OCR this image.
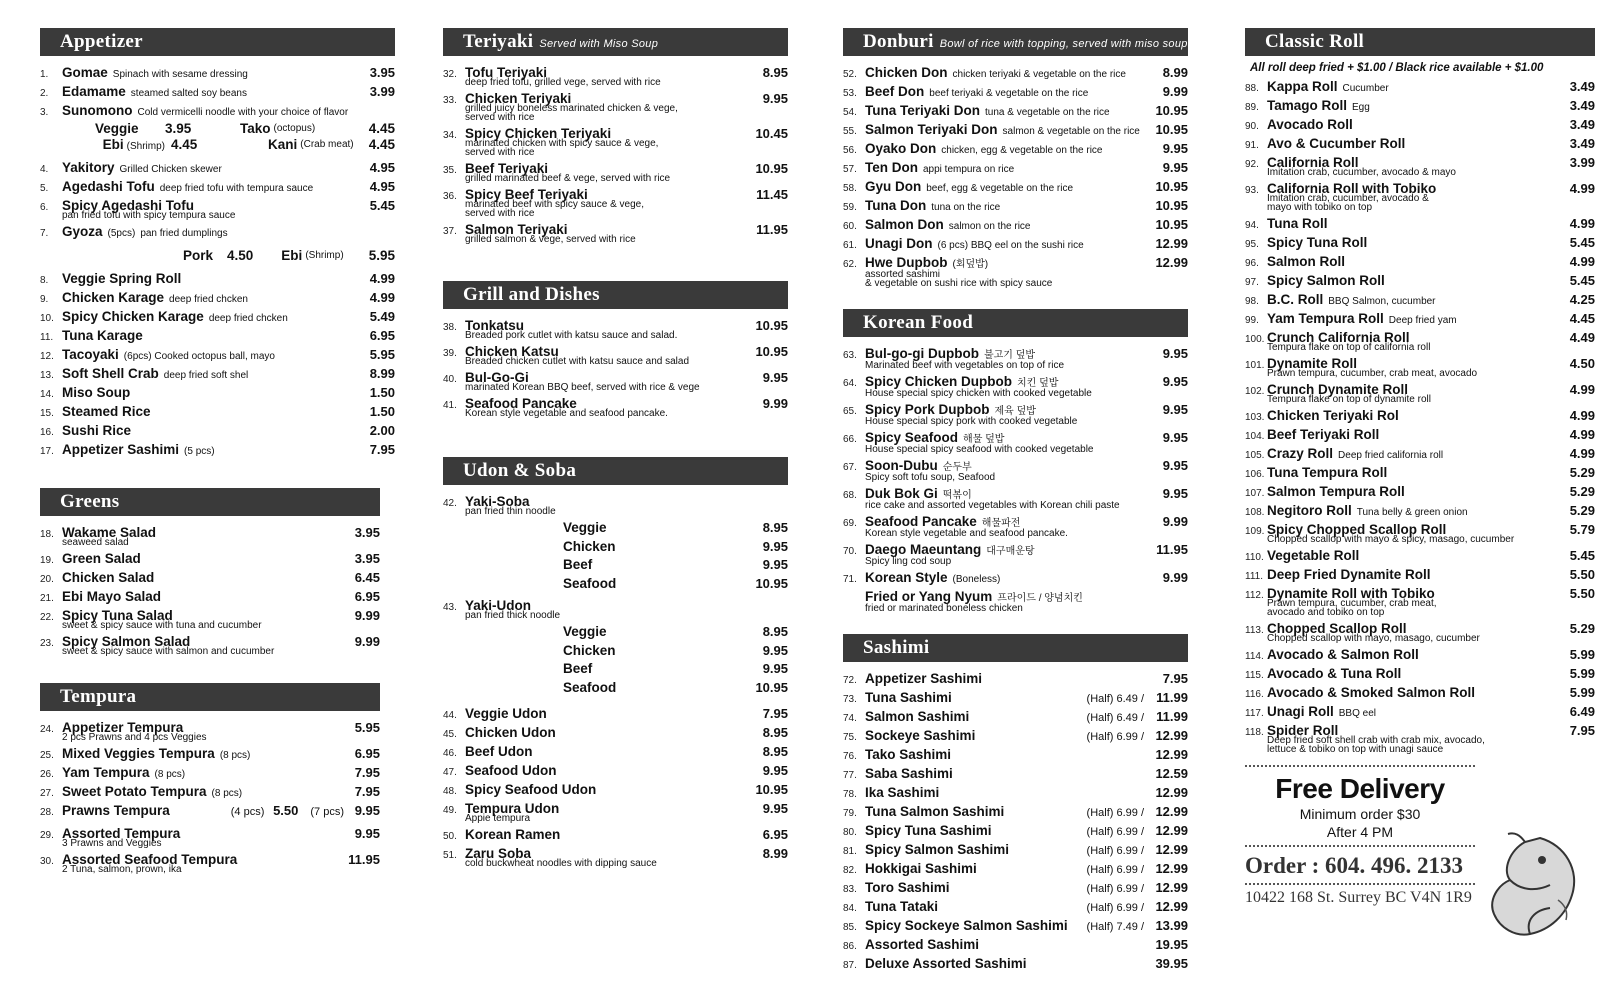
Appetizer
1.	Gomae Spinach with sesame dressing	3.95
2.	Edamame steamed salted soy beans	3.99
3.	Sunomono Cold vermicelli noodle with your choice of flavor
Veggie	3.95	Tako (octopus)	4.45
Ebi (Shrimp) 4.45	Kani (Crab meat) 4.45
4.	Yakitory Grilled Chicken skewer	4.95
5.	Agedashi Tofu deep fried tofu with tempura sauce	4.95
6.	Spicy Agedashi Tofu
pan fried tofu with spicy tempura sauce
5.45
7.	Gyoza (5pcs) pan fried dumplings
Pork 4.50 Ebi (Shrimp) 5.95
8.	Veggie Spring Roll	4.99
9.	Chicken Karage deep fried chcken	4.99
10. Spicy Chicken Karage deep fried chcken	5.49
11. Tuna Karage	6.95
12. Tacoyaki (6pcs) Cooked octopus ball, mayo	5.95
13. Soft Shell Crab deep fried soft shel	8.99
14. Miso Soup	1.50
15. Steamed Rice	1.50
16. Sushi Rice	2.00
17. Appetizer Sashimi (5 pcs)	7.95
Greens
18. Wakame Salad
seaweed salad
3.95
19. Green Salad	3.95
20. Chicken Salad	6.45
21. Ebi Mayo Salad	6.95
22. Spicy Tuna Salad
sweet & spicy sauce with tuna and cucumber
9.99
23. Spicy Salmon Salad
sweet & spicy sauce with salmon and cucumber
9.99
Tempura
24. Appetizer Tempura
2 pcs Prawns and 4 pcs Veggies
5.95
25. Mixed Veggies Tempura (8 pcs)	6.95
26. Yam Tempura (8 pcs)	7.95
27. Sweet Potato Tempura (8 pcs)	7.95
28. Prawns Tempura	(4 pcs) 5.50 (7 pcs) 9.95
29. Assorted Tempura
3 Prawns and Veggies
9.95
30. Assorted Seafood Tempura
2 Tuna, salmon, prown, ika
11.95
Teriyaki Served with Miso Soup
32. Tofu Teriyaki
deep fried tofu, grilled vege, served with rice
8.95
33. Chicken Teriyaki
grilled juicy boneless marinated chicken & vege,
served with rice
9.95
34. Spicy Chicken Teriyaki
marinated chicken with spicy sauce & vege,
served with rice
10.45
35. Beef Teriyaki
grilled marinated beef & vege, served with rice
10.95
36. Spicy Beef Teriyaki
marinated beef with spicy sauce & vege,
served with rice
11.45
37. Salmon Teriyaki
grilled salmon & vege, served with rice
11.95
Grill and Dishes
38. Tonkatsu
Breaded pork cutlet with katsu sauce and salad.
10.95
39. Chicken Katsu
Breaded chicken cutlet with katsu sauce and salad
10.95
40. Bul-Go-Gi
marinated Korean BBQ beef, served with rice & vege
9.95
41. Seafood Pancake
Korean style vegetable and seafood pancake.
9.99
Udon & Soba
42. Yaki-Soba
pan fried thin noodle
Veggie	8.95
Chicken	9.95
Beef	9.95
Seafood	10.95
43. Yaki-Udon
pan fried thick noodle
Veggie	8.95
Chicken	9.95
Beef	9.95
Seafood	10.95
44. Veggie Udon	7.95
45. Chicken Udon	8.95
46. Beef Udon	8.95
47. Seafood Udon	9.95
48. Spicy Seafood Udon	10.95
49. Tempura Udon
Appie tempura
9.95
50. Korean Ramen	6.95
51. Zaru Soba
cold buckwheat noodles with dipping sauce
8.99
Donburi Bowl of rice with topping, served with miso soup
52. Chicken Don chicken teriyaki & vegetable on the rice	8.99
53. Beef Don beef teriyaki & vegetable on the rice	9.99
54. Tuna Teriyaki Don tuna & vegetable on the rice	10.95
55. Salmon Teriyaki Don salmon & vegetable on the rice	10.95
56. Oyako Don chicken, egg & vegetable on the rice	9.95
57. Ten Don appi tempura on rice	9.95
58. Gyu Don beef, egg & vegetable on the rice	10.95
59. Tuna Don tuna on the rice	10.95
60. Salmon Don salmon on the rice	10.95
61. Unagi Don (6 pcs) BBQ eel on the sushi rice	12.99
62. Hwe Dupbob (회덮밥)
assorted sashimi
& vegetable on sushi rice with spicy sauce
12.99
Korean Food
63. Bul-go-gi Dupbob 불고기 덮밥
Marinated beef with vegetables on top of rice
9.95
64. Spicy Chicken Dupbob 치킨 덮밥
House special spicy chicken with cooked vegetable
9.95
65. Spicy Pork Dupbob 제육 덮밥
House special spicy pork with cooked vegetable
9.95
66. Spicy Seafood 해물 덮밥
House special spicy seafood with cooked vegetable
9.95
67. Soon-Dubu 순두부
Spicy soft tofu soup, Seafood
9.95
68. Duk Bok Gi 떡볶이
rice cake and assorted vegetables with Korean chili paste
9.95
69. Seafood Pancake 해물파전
Korean style vegetable and seafood pancake.
9.99
70. Daego Maeuntang 대구매운탕
Spicy ling cod soup
11.95
71. Korean Style (Boneless)
Fried or Yang Nyum 프라이드 / 양념치킨
fried or marinated boneless chicken
9.99
Sashimi
72. Appetizer Sashimi	7.95
73. Tuna Sashimi	(Half) 6.49 / 11.99
74. Salmon Sashimi	(Half) 6.49 / 11.99
75. Sockeye Sashimi	(Half) 6.99 / 12.99
76. Tako Sashimi	12.99
77. Saba Sashimi	12.59
78. Ika Sashimi	12.99
79. Tuna Salmon Sashimi	(Half) 6.99 / 12.99
80. Spicy Tuna Sashimi	(Half) 6.99 / 12.99
81. Spicy Salmon Sashimi	(Half) 6.99 / 12.99
82. Hokkigai Sashimi	(Half) 6.99 / 12.99
83. Toro Sashimi	(Half) 6.99 / 12.99
84. Tuna Tataki	(Half) 6.99 / 12.99
85. Spicy Sockeye Salmon Sashimi	(Half) 7.49 / 13.99
86. Assorted Sashimi	19.95
87. Deluxe Assorted Sashimi	39.95
Classic Roll
All roll deep fried + $1.00 / Black rice available + $1.00
88. Kappa Roll Cucumber	3.49
89. Tamago Roll Egg	3.49
90. Avocado Roll	3.49
91. Avo & Cucumber Roll	3.49
92. California Roll
Imitation crab, cucumber, avocado & mayo
3.99
93. California Roll with Tobiko
Imitation crab, cucumber, avocado &
mayo with tobiko on top
4.99
94. Tuna Roll	4.99
95. Spicy Tuna Roll	5.45
96. Salmon Roll	4.99
97. Spicy Salmon Roll	5.45
98. B.C. Roll BBQ Salmon, cucumber	4.25
99. Yam Tempura Roll Deep fried yam	4.45
100. Crunch California Roll
Tempura flake on top of california roll
4.49
101. Dynamite Roll
Prawn tempura, cucumber, crab meat, avocado
4.50
102. Crunch Dynamite Roll
Tempura flake on top of dynamite roll
4.99
103. Chicken Teriyaki Rol	4.99
104. Beef Teriyaki Roll	4.99
105. Crazy Roll Deep fried california roll	4.99
106. Tuna Tempura Roll	5.29
107. Salmon Tempura Roll	5.29
108. Negitoro Roll Tuna belly & green onion	5.29
109. Spicy Chopped Scallop Roll
Chopped scallop with mayo & spicy, masago, cucumber
5.79
110. Vegetable Roll	5.45
111. Deep Fried Dynamite Roll	5.50
112. Dynamite Roll with Tobiko
Prawn tempura, cucumber, crab meat,
avocado and tobiko on top
5.50
113. Chopped Scallop Roll
Chopped scallop with mayo, masago, cucumber
5.29
114. Avocado & Salmon Roll	5.99
115. Avocado & Tuna Roll	5.99
116. Avocado & Smoked Salmon Roll	5.99
117. Unagi Roll BBQ eel	6.49
118. Spider Roll
Deep fried soft shell crab with crab mix, avocado,
lettuce & tobiko on top with unagi sauce
7.95
Free Delivery
Minimum order $30
After 4 PM
Order : 604. 496. 2133
10422 168 St. Surrey BC V4N 1R9
